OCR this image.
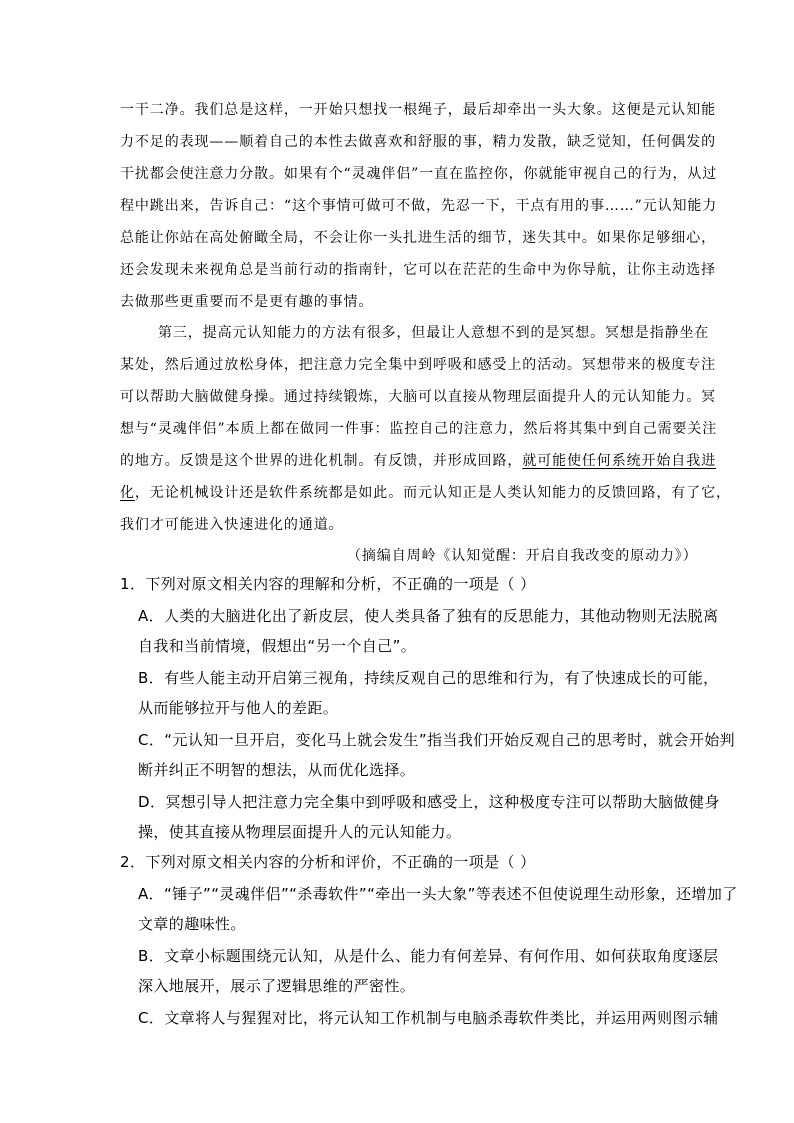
一干二净。我们总是这样，一开始只想找一根绳子，最后却牵出一头大象。这便是元认知能
力不足的表现——顺着自己的本性去做喜欢和舒服的事，精力发散，缺乏觉知，任何偶发的
干扰都会使注意力分散。如果有个“灵魂伴侣”一直在监控你，你就能审视自己的行为，从过
程中跳出来，告诉自己：“这个事情可做可不做，先忍一下，干点有用的事……”元认知能力
总能让你站在高处俯瞰全局，不会让你一头扎进生活的细节，迷失其中。如果你足够细心，
还会发现未来视角总是当前行动的指南针，它可以在茫茫的生命中为你导航，让你主动选择
去做那些更重要而不是更有趣的事情。
第三，提高元认知能力的方法有很多，但最让人意想不到的是冥想。冥想是指静坐在
某处，然后通过放松身体，把注意力完全集中到呼吸和感受上的活动。冥想带来的极度专注
可以帮助大脑做健身操。通过持续锻炼，大脑可以直接从物理层面提升人的元认知能力。冥
想与“灵魂伴侣”本质上都在做同一件事：监控自己的注意力，然后将其集中到自己需要关注
的地方。反馈是这个世界的进化机制。有反馈，并形成回路，就可能使任何系统开始自我进
化，无论机械设计还是软件系统都是如此。而元认知正是人类认知能力的反馈回路，有了它，
我们才可能进入快速进化的通道。
（摘编自周岭《认知觉醒：开启自我改变的原动力》）
1．下列对原文相关内容的理解和分析，不正确的一项是（ ）
A．人类的大脑进化出了新皮层，使人类具备了独有的反思能力，其他动物则无法脱离
自我和当前情境，假想出“另一个自己”。
B．有些人能主动开启第三视角，持续反观自己的思维和行为，有了快速成长的可能，
从而能够拉开与他人的差距。
C．“元认知一旦开启，变化马上就会发生”指当我们开始反观自己的思考时，就会开始判
断并纠正不明智的想法，从而优化选择。
D．冥想引导人把注意力完全集中到呼吸和感受上，这种极度专注可以帮助大脑做健身
操，使其直接从物理层面提升人的元认知能力。
2．下列对原文相关内容的分析和评价，不正确的一项是（ ）
A．“锤子”“灵魂伴侣”“杀毒软件”“牵出一头大象”等表述不但使说理生动形象，还增加了
文章的趣味性。
B．文章小标题围绕元认知，从是什么、能力有何差异、有何作用、如何获取角度逐层
深入地展开，展示了逻辑思维的严密性。
C．文章将人与猩猩对比，将元认知工作机制与电脑杀毒软件类比，并运用两则图示辅
